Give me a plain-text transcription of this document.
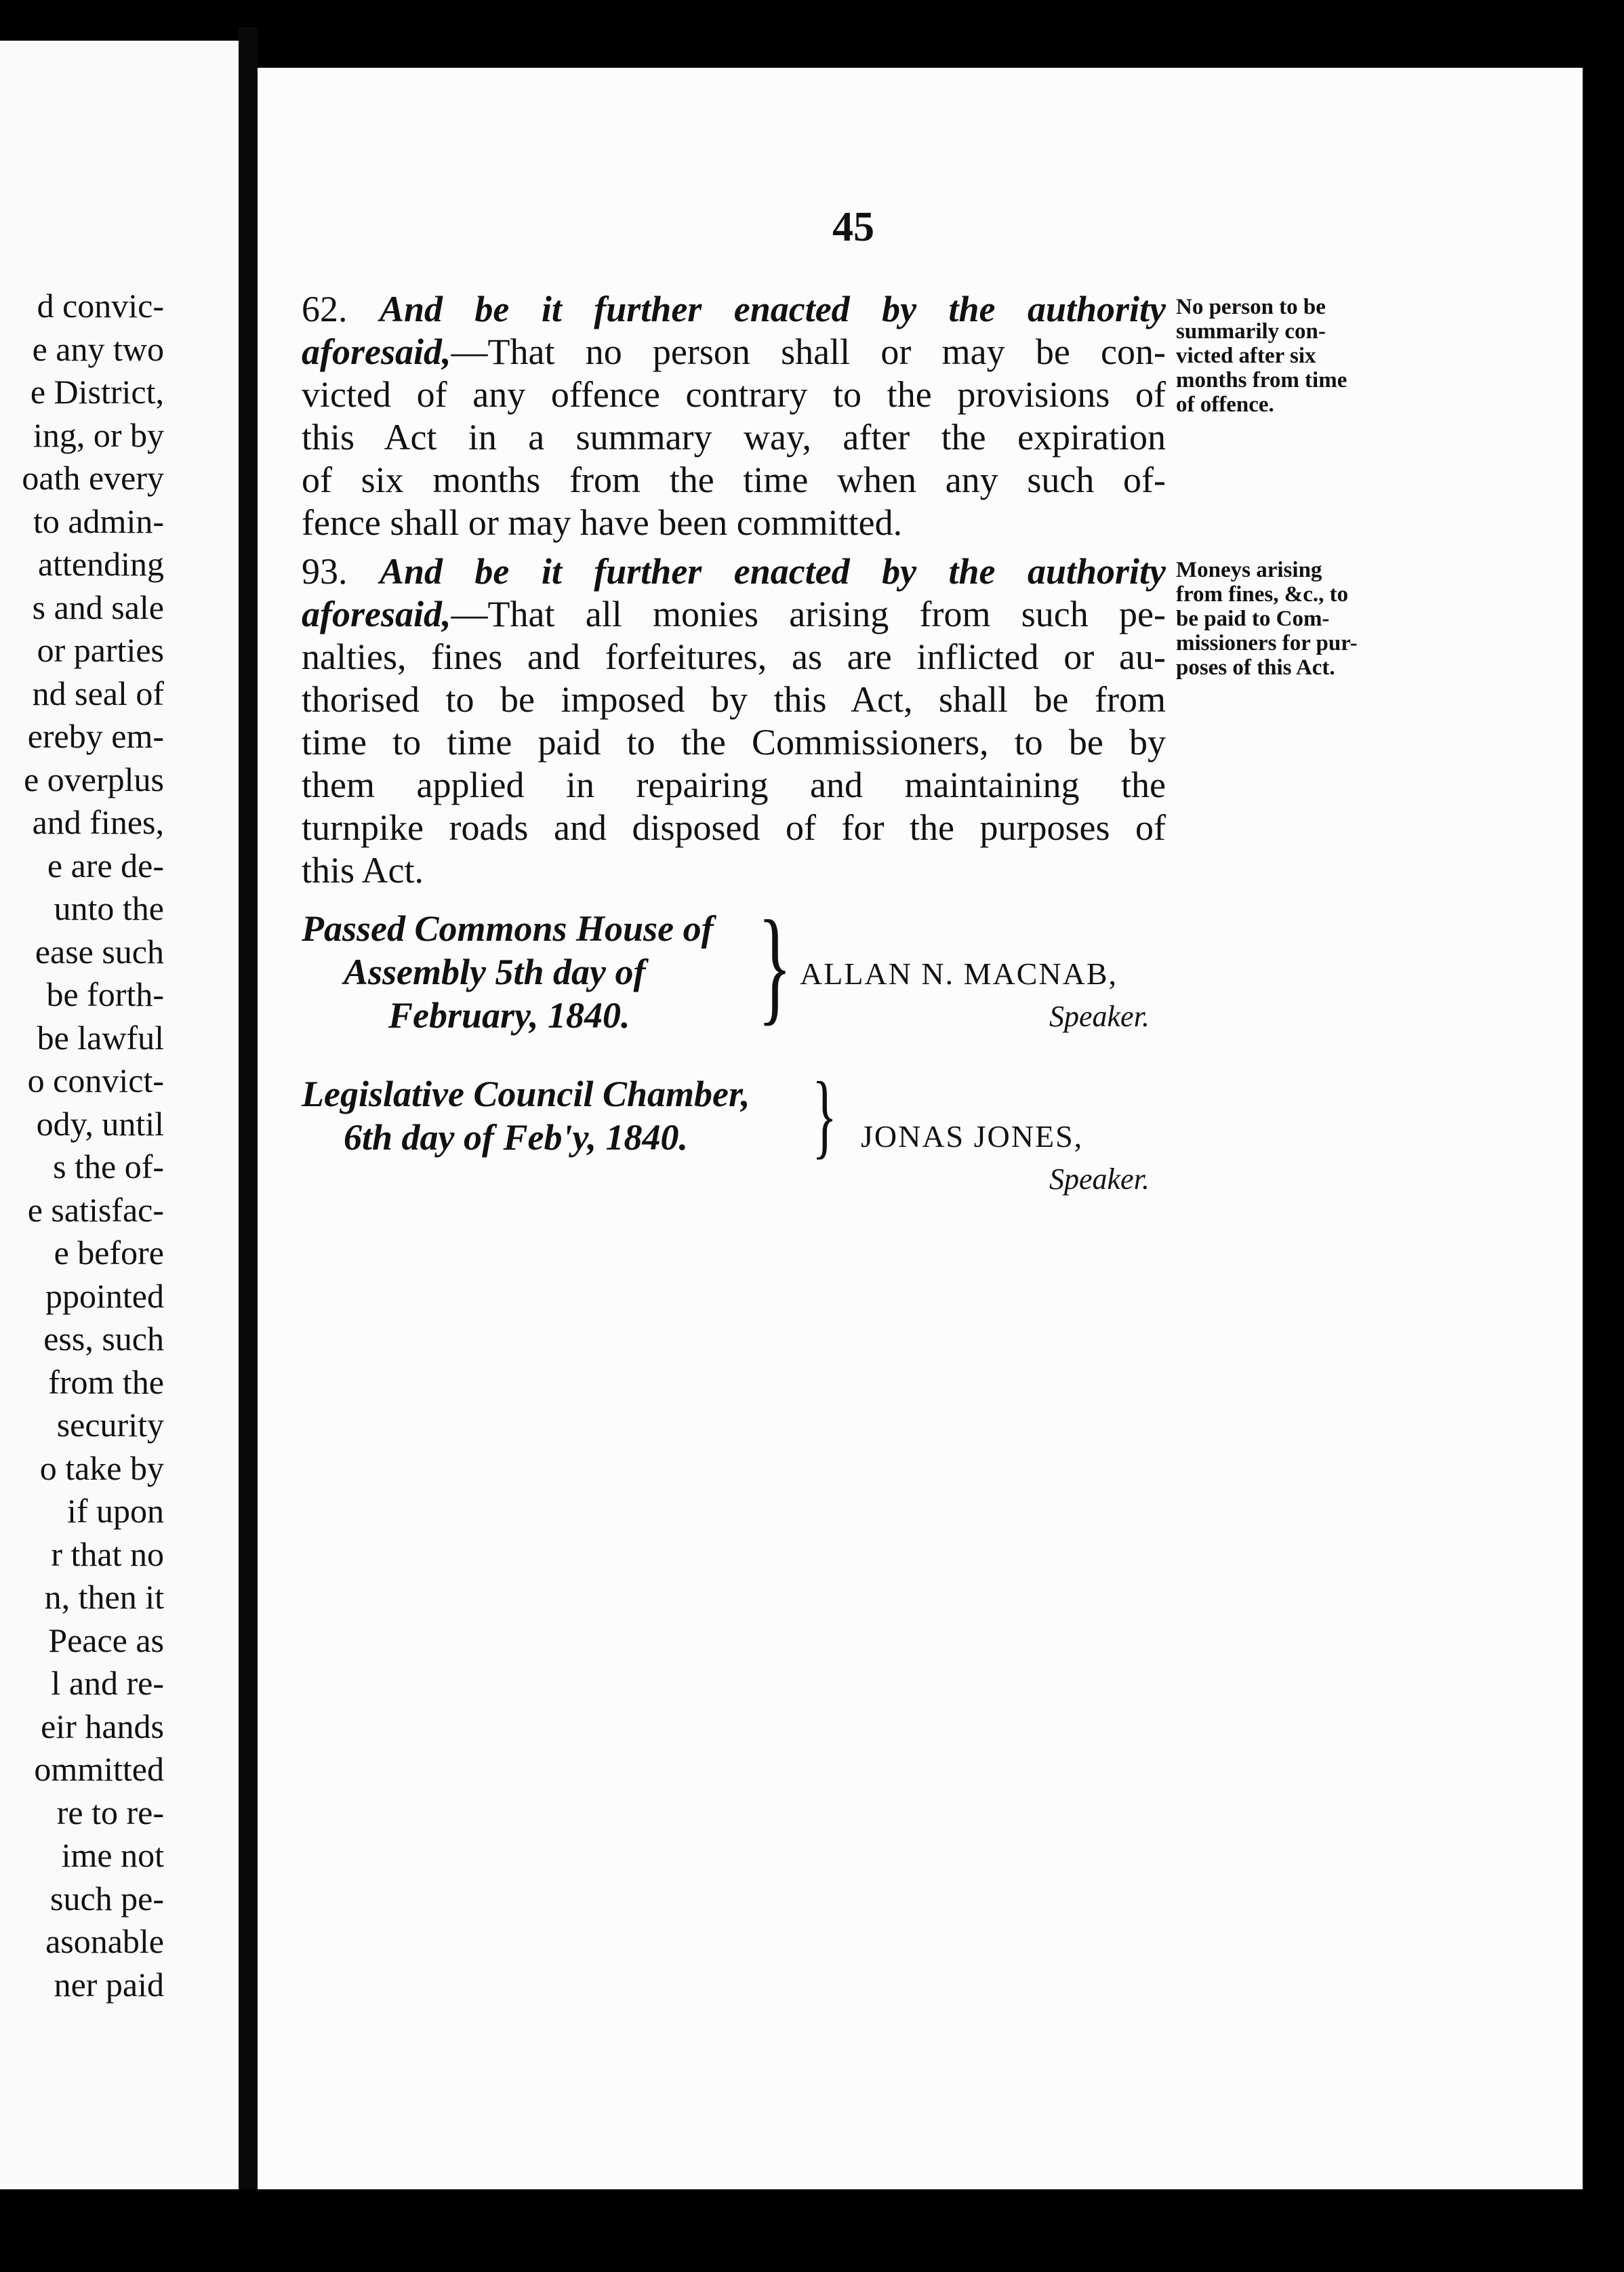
d convic-
e any two
e District,
ing, or by
oath every
to admin-
attending
s and sale
or parties
nd seal of
ereby em-
e overplus
and fines,
e are de-
unto the
ease such
be forth-
be lawful
o convict-
ody, until
s the of-
e satisfac-
e before
ppointed
ess, such
from the
security
o take by
if upon
r that no
n, then it
Peace as
l and re-
eir hands
ommitted
re to re-
ime not
such pe-
asonable
ner paid
45
62. And be it further enacted by the authority
aforesaid,—That no person shall or may be con-
victed of any offence contrary to the provisions of
this Act in a summary way, after the expiration
of six months from the time when any such of-
fence shall or may have been committed.
No person to be
summarily con-
victed after six
months from time
of offence.
93. And be it further enacted by the authority
aforesaid,—That all monies arising from such pe-
nalties, fines and forfeitures, as are inflicted or au-
thorised to be imposed by this Act, shall be from
time to time paid to the Commissioners, to be by
them applied in repairing and maintaining the
turnpike roads and disposed of for the purposes of
this Act.
Moneys arising
from fines, &c., to
be paid to Com-
missioners for pur-
poses of this Act.
Passed Commons House of
Assembly 5th day of
February, 1840. } ALLAN N. MACNAB,
Speaker.
Legislative Council Chamber,
6th day of Feb'y, 1840.	} JONAS JONES,
Speaker.
